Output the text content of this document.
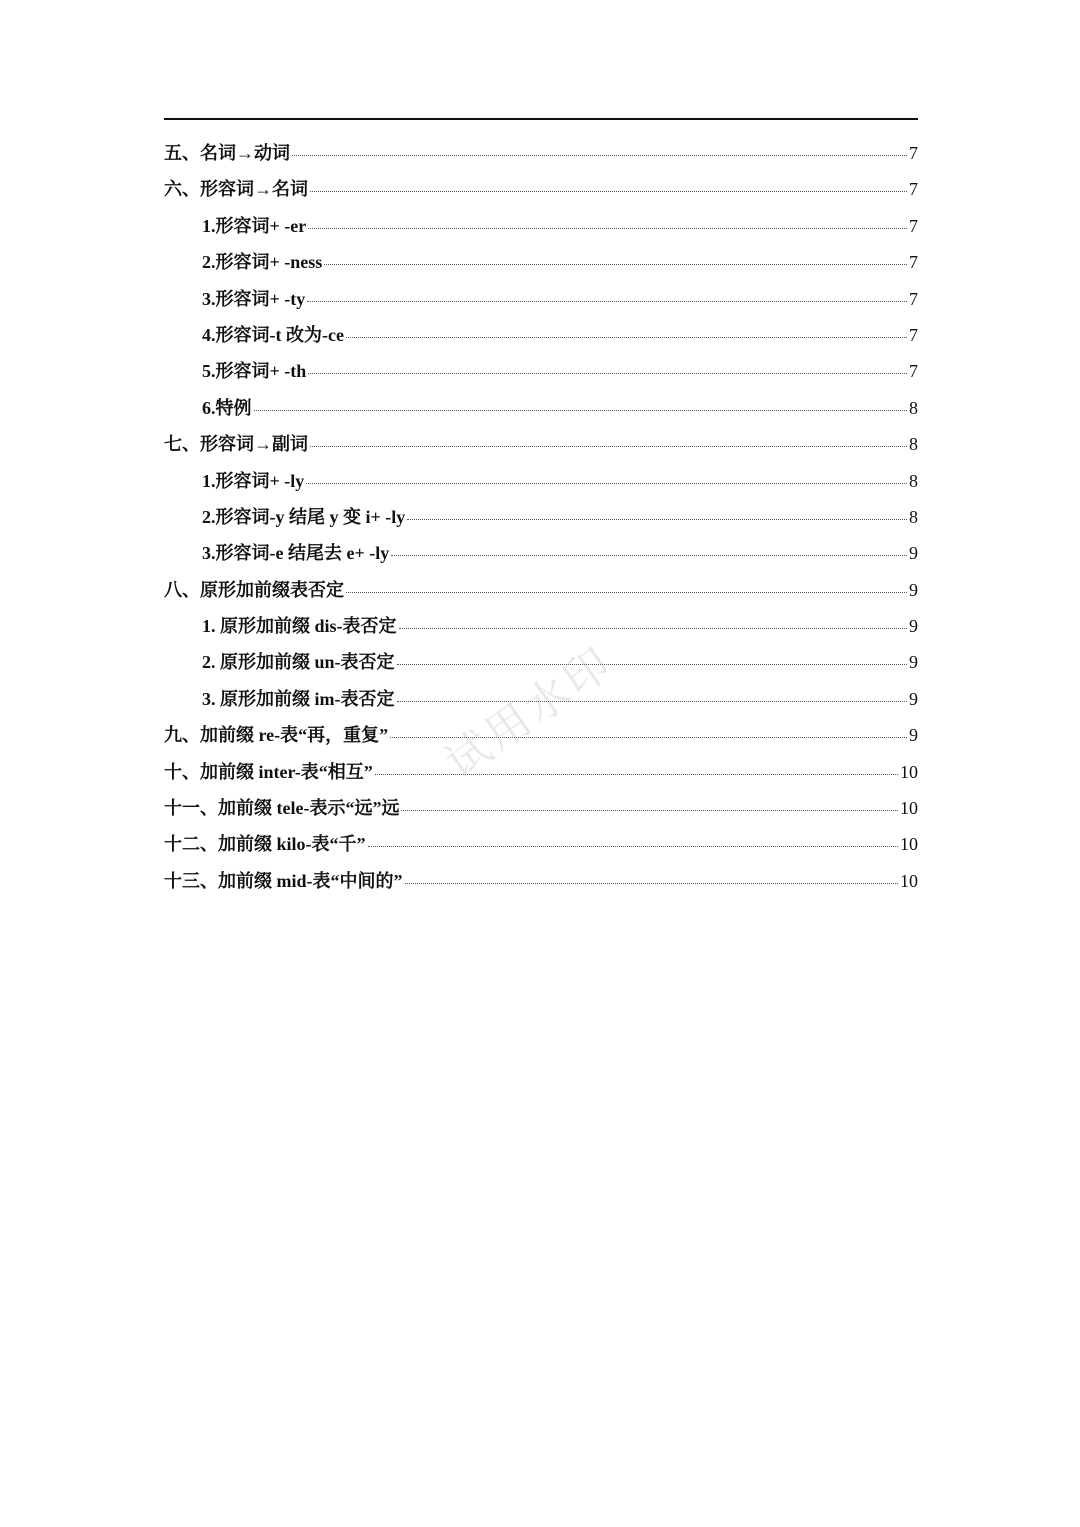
五、名词→动词	7
六、形容词→名词	7
1.形容词+ -er	7
2.形容词+ -ness	7
3.形容词+ -ty	7
4.形容词-t 改为-ce	7
5.形容词+ -th	7
6.特例	8
七、形容词→副词	8
1.形容词+ -ly	8
2.形容词-y 结尾 y 变 i+ -ly	8
3.形容词-e 结尾去 e+ -ly	9
八、原形加前缀表否定	9
1. 原形加前缀 dis-表否定	9
2. 原形加前缀 un-表否定	9
3. 原形加前缀 im-表否定	9
九、加前缀 re-表“再，重复”	9
十、加前缀 inter-表“相互”	10
十一、加前缀 tele-表示“远”远	10
十二、加前缀 kilo-表“千”	10
十三、加前缀 mid-表“中间的”	10
试用水印
